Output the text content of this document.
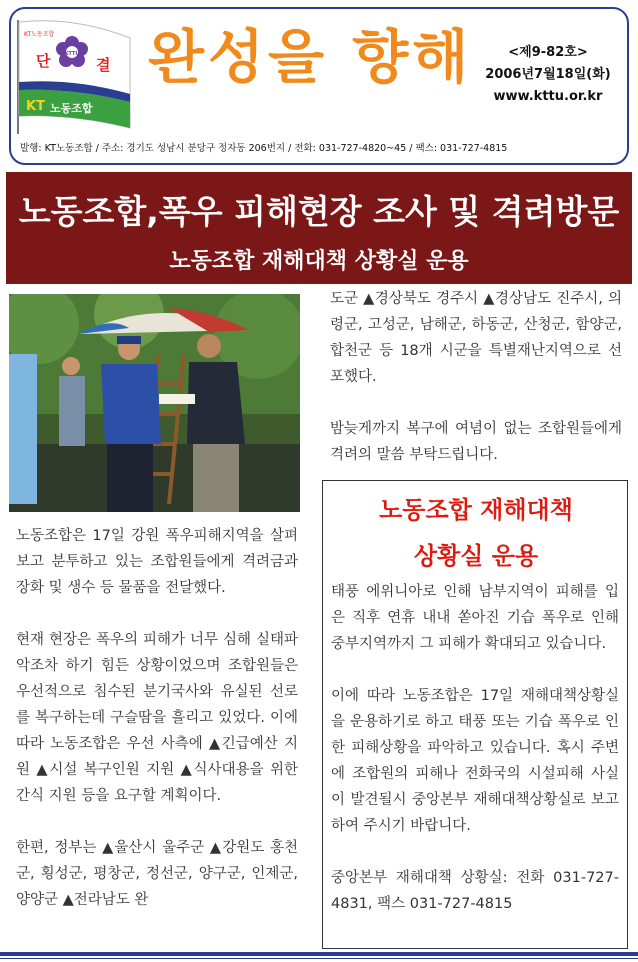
KTTU
단	결
KT노동조합
KT 노동조합
완성을 향해	<제9-82호>
2006년7월18일(화)
www.kttu.or.kr
발행: KT노동조합 / 주소: 경기도 성남시 분당구 정자동 206번지 / 전화: 031-727-4820~45 / 팩스: 031-727-4815
노동조합,폭우 피해현장 조사 및 격려방문
노동조합 재해대책 상황실 운용

노동조합은 17일 강원 폭우피해지역을 살펴보고 분투하고 있는 조합원들에게 격려금과 장화 및 생수 등 물품을 전달했다.

현재 현장은 폭우의 피해가 너무 심해 실태파악조차 하기 힘든 상황이었으며 조합원들은 우선적으로 침수된 분기국사와 유실된 선로를 복구하는데 구슬땀을 흘리고 있었다. 이에 따라 노동조합은 우선 사측에 ▲긴급예산 지원 ▲시설 복구인원 지원 ▲식사대용을 위한 간식 지원 등을 요구할 계획이다.

한편, 정부는 ▲울산시 울주군 ▲강원도 홍천군, 횡성군, 평창군, 정선군, 양구군, 인제군, 양양군 ▲전라남도 완

도군 ▲경상북도 경주시 ▲경상남도 진주시, 의령군, 고성군, 남해군, 하동군, 산청군, 함양군, 합천군 등 18개 시군을 특별재난지역으로 선포했다.

밤늦게까지 복구에 여념이 없는 조합원들에게 격려의 말씀 부탁드립니다.

노동조합 재해대책
상황실 운용

태풍 에위니아로 인해 남부지역이 피해를 입은 직후 연휴 내내 쏟아진 기습 폭우로 인해 중부지역까지 그 피해가 확대되고 있습니다.

이에 따라 노동조합은 17일 재해대책상황실을 운용하기로 하고 태풍 또는 기습 폭우로 인한 피해상황을 파악하고 있습니다. 혹시 주변에 조합원의 피해나 전화국의 시설피해 사실이 발견될시 중앙본부 재해대책상황실로 보고하여 주시기 바랍니다.

중앙본부 재해대책 상황실: 전화 031-727-4831, 팩스 031-727-4815
